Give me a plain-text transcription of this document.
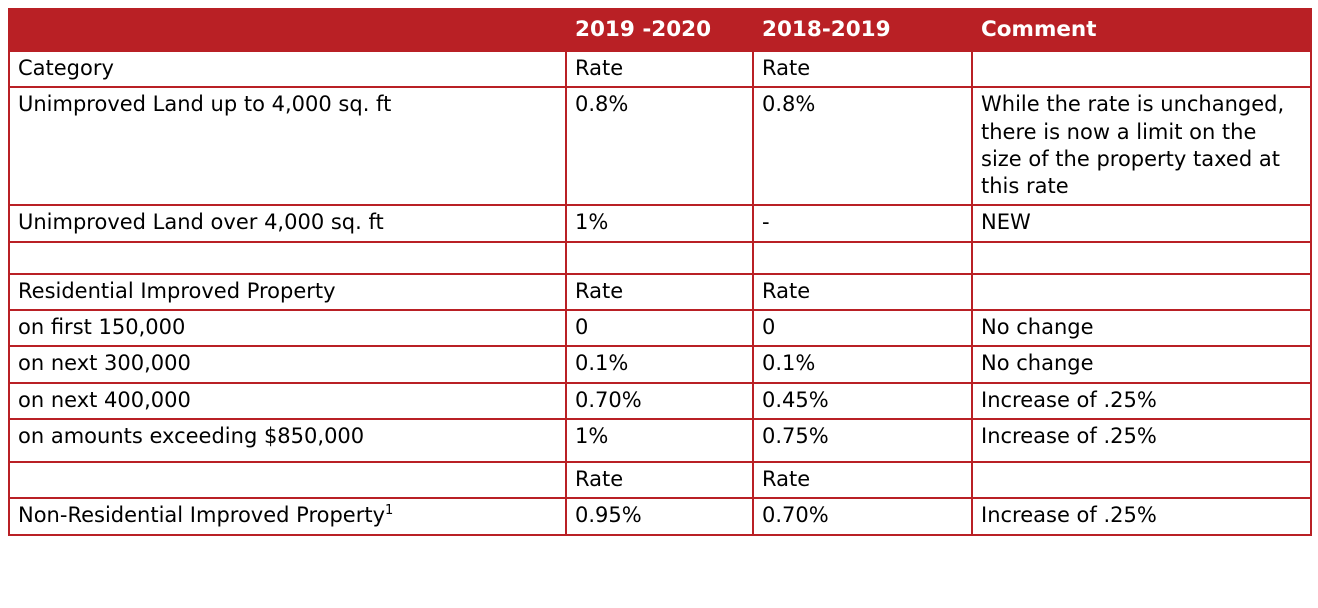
	2019 -2020	2018-2019	Comment
Category	Rate	Rate	
Unimproved Land up to 4,000 sq. ft	0.8%	0.8%	While the rate is unchanged, there is now a limit on the size of the property taxed at this rate
Unimproved Land over 4,000 sq. ft	1%	-	NEW

Residential Improved Property	Rate	Rate	
on first 150,000	0	0	No change
on next 300,000	0.1%	0.1%	No change
on next 400,000	0.70%	0.45%	Increase of .25%
on amounts exceeding $850,000	1%	0.75%	Increase of .25%
	Rate	Rate	
Non-Residential Improved Property$^1$	0.95%	0.70%	Increase of .25%
